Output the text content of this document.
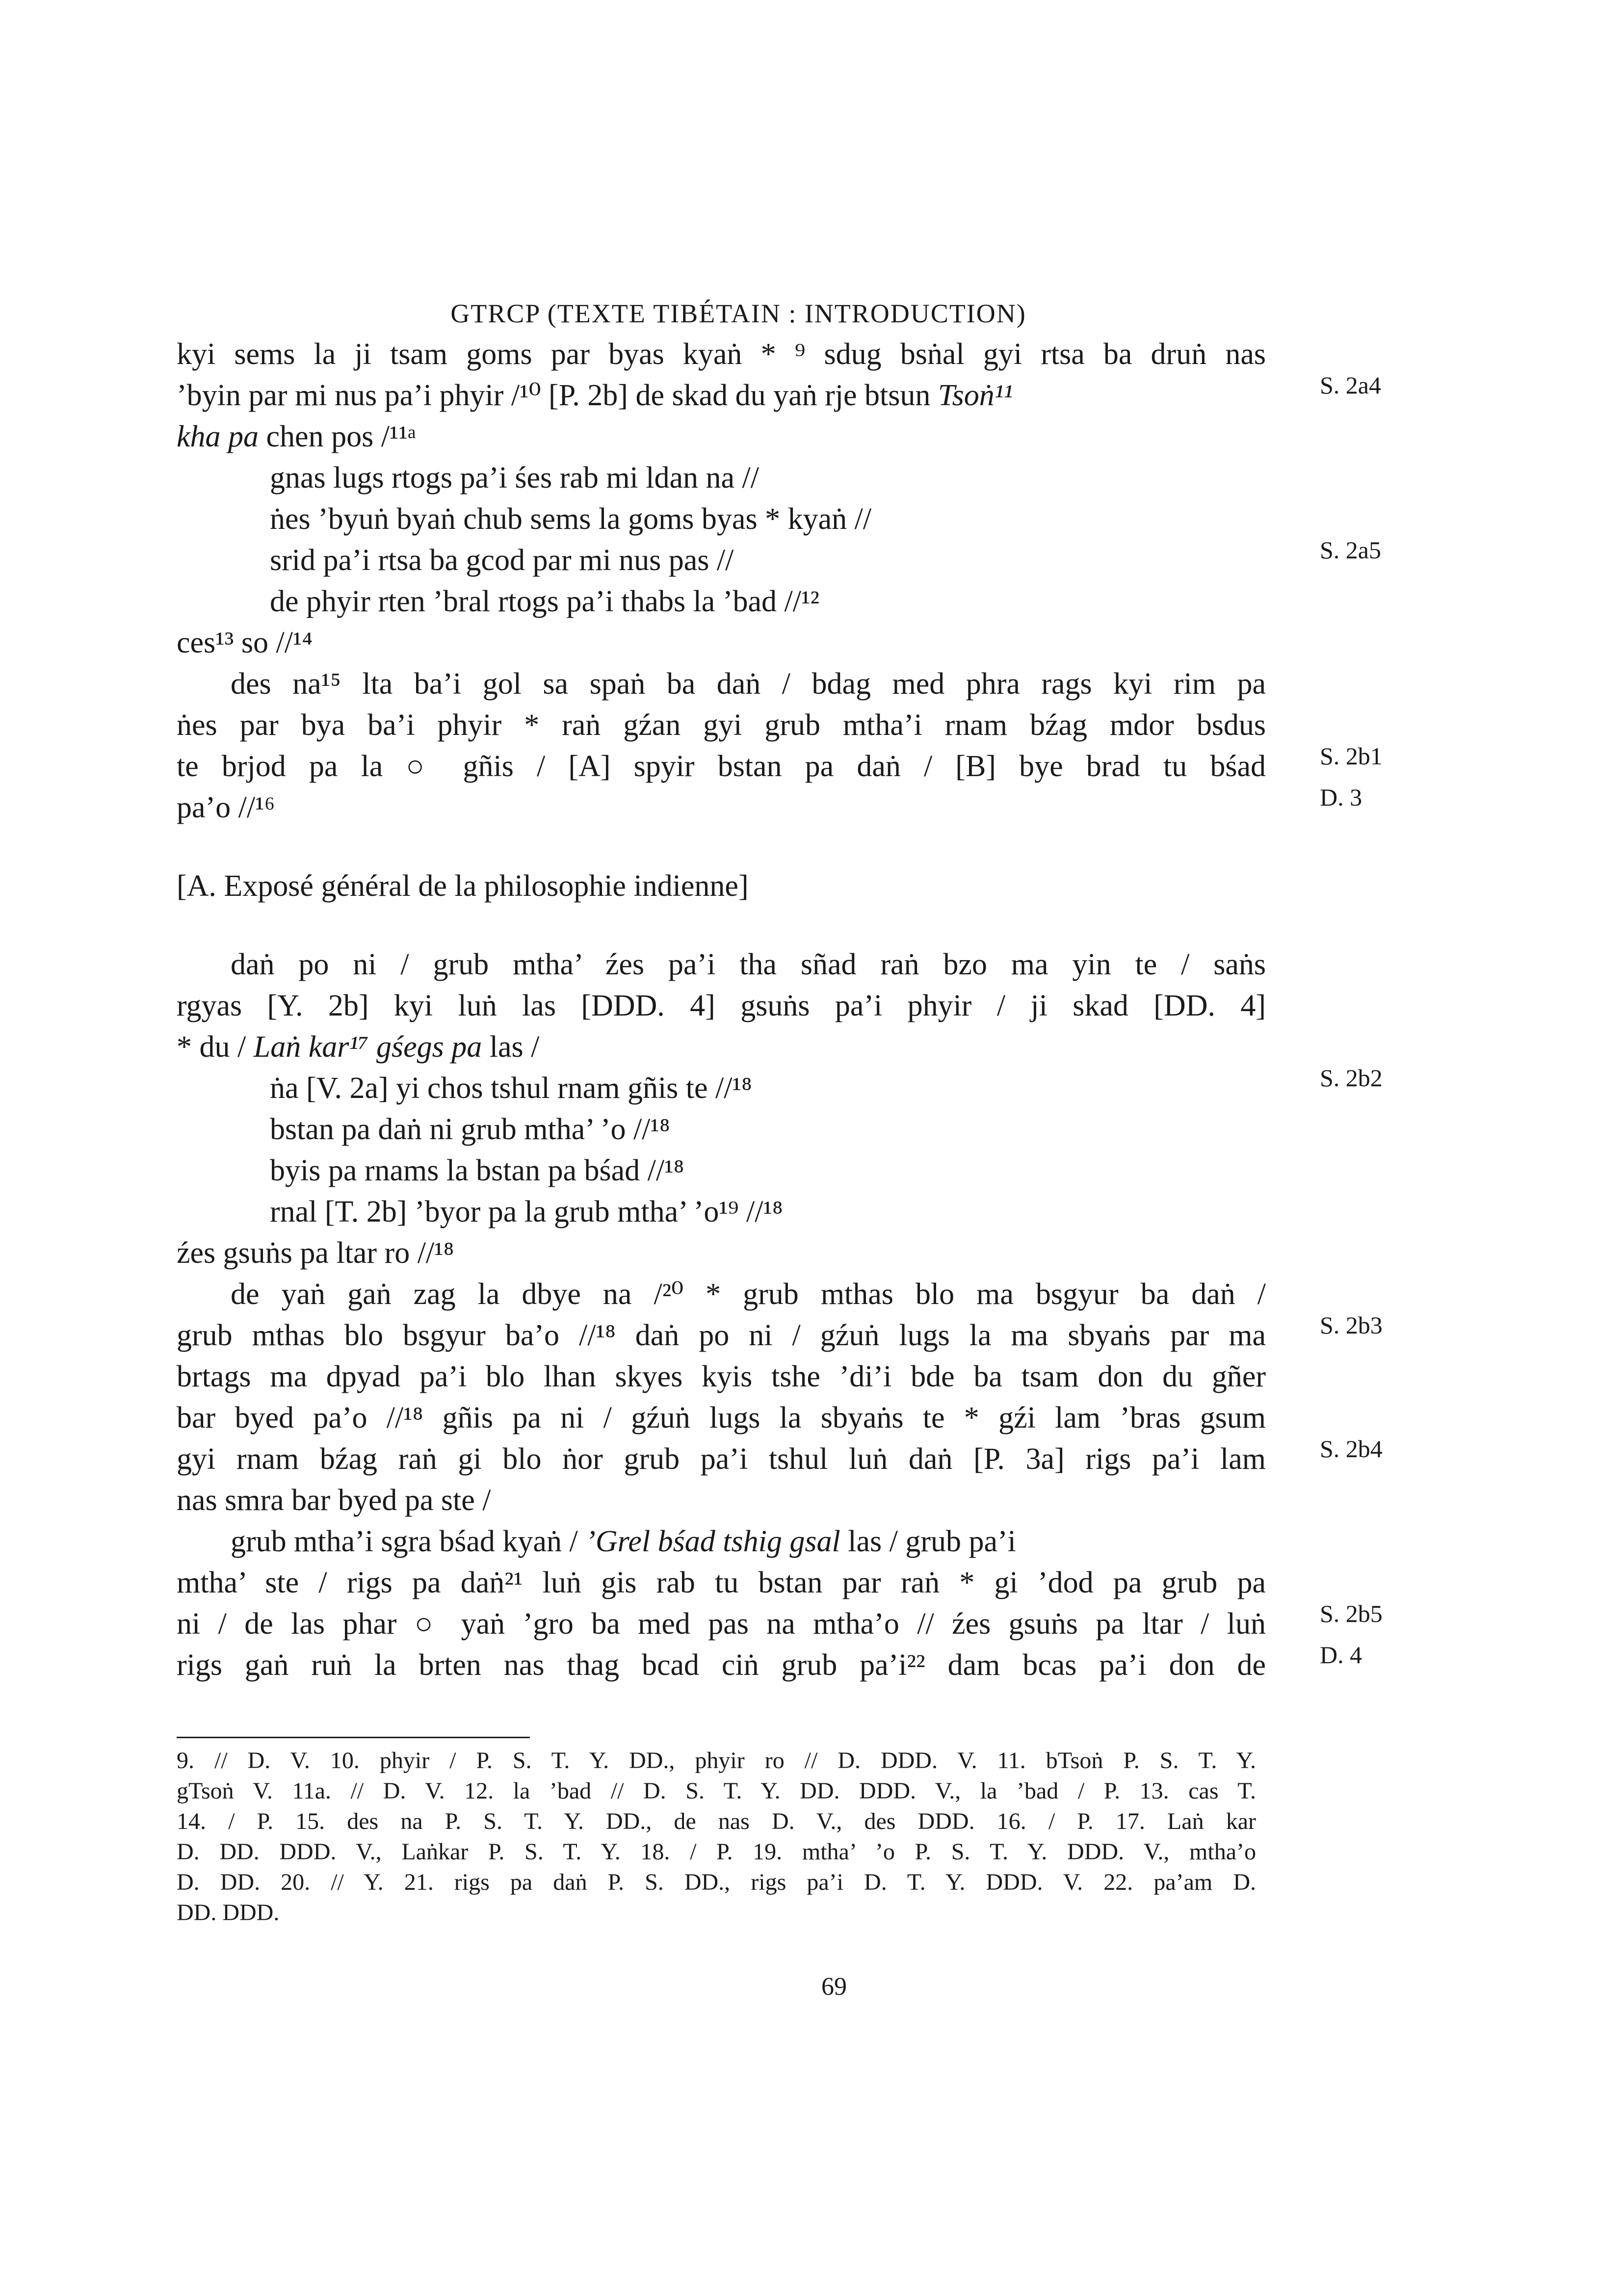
GTRCP (TEXTE TIBÉTAIN : INTRODUCTION)
kyi sems la ji tsam goms par byas kyaṅ * ⁹ sdug bsṅal gyi rtsa ba druṅ nas
’byin par mi nus pa’i phyir /¹⁰ [P. 2b] de skad du yaṅ rje btsun Tsoṅ¹¹
kha pa chen pos /¹¹ᵃ
gnas lugs rtogs pa’i śes rab mi ldan na //
ṅes ’byuṅ byaṅ chub sems la goms byas * kyaṅ //
srid pa’i rtsa ba gcod par mi nus pas //
de phyir rten ’bral rtogs pa’i thabs la ’bad //¹²
ces¹³ so //¹⁴
des na¹⁵ lta ba’i gol sa spaṅ ba daṅ / bdag med phra rags kyi rim pa
ṅes par bya ba’i phyir * raṅ gźan gyi grub mtha’i rnam bźag mdor bsdus
te brjod pa la ○ gñis / [A] spyir bstan pa daṅ / [B] bye brad tu bśad
pa’o //¹⁶
[A. Exposé général de la philosophie indienne]
daṅ po ni / grub mtha’ źes pa’i tha sñad raṅ bzo ma yin te / saṅs
rgyas [Y. 2b] kyi luṅ las [DDD. 4] gsuṅs pa’i phyir / ji skad [DD. 4]
* du / Laṅ kar¹⁷ gśegs pa las /
ṅa [V. 2a] yi chos tshul rnam gñis te //¹⁸
bstan pa daṅ ni grub mtha’ ’o //¹⁸
byis pa rnams la bstan pa bśad //¹⁸
rnal [T. 2b] ’byor pa la grub mtha’ ’o¹⁹ //¹⁸
źes gsuṅs pa ltar ro //¹⁸
de yaṅ gaṅ zag la dbye na /²⁰ * grub mthas blo ma bsgyur ba daṅ /
grub mthas blo bsgyur ba’o //¹⁸ daṅ po ni / gźuṅ lugs la ma sbyaṅs par ma
brtags ma dpyad pa’i blo lhan skyes kyis tshe ’di’i bde ba tsam don du gñer
bar byed pa’o //¹⁸ gñis pa ni / gźuṅ lugs la sbyaṅs te * gźi lam ’bras gsum
gyi rnam bźag raṅ gi blo ṅor grub pa’i tshul luṅ daṅ [P. 3a] rigs pa’i lam
nas smra bar byed pa ste /
grub mtha’i sgra bśad kyaṅ / ’Grel bśad tshig gsal las / grub pa’i
mtha’ ste / rigs pa daṅ²¹ luṅ gis rab tu bstan par raṅ * gi ’dod pa grub pa
ni / de las phar ○ yaṅ ’gro ba med pas na mtha’o // źes gsuṅs pa ltar / luṅ
rigs gaṅ ruṅ la brten nas thag bcad ciṅ grub pa’i²² dam bcas pa’i don de
S. 2a4
S. 2a5
S. 2b1
D. 3
S. 2b2
S. 2b3
S. 2b4
S. 2b5
D. 4
9. // D. V. 10. phyir / P. S. T. Y. DD., phyir ro // D. DDD. V. 11. bTsoṅ P. S. T. Y.
gTsoṅ V. 11a. // D. V. 12. la ’bad // D. S. T. Y. DD. DDD. V., la ’bad / P. 13. cas T.
14. / P. 15. des na P. S. T. Y. DD., de nas D. V., des DDD. 16. / P. 17. Laṅ kar
D. DD. DDD. V., Laṅkar P. S. T. Y. 18. / P. 19. mtha’ ’o P. S. T. Y. DDD. V., mtha’o
D. DD. 20. // Y. 21. rigs pa daṅ P. S. DD., rigs pa’i D. T. Y. DDD. V. 22. pa’am D.
DD. DDD.
69
